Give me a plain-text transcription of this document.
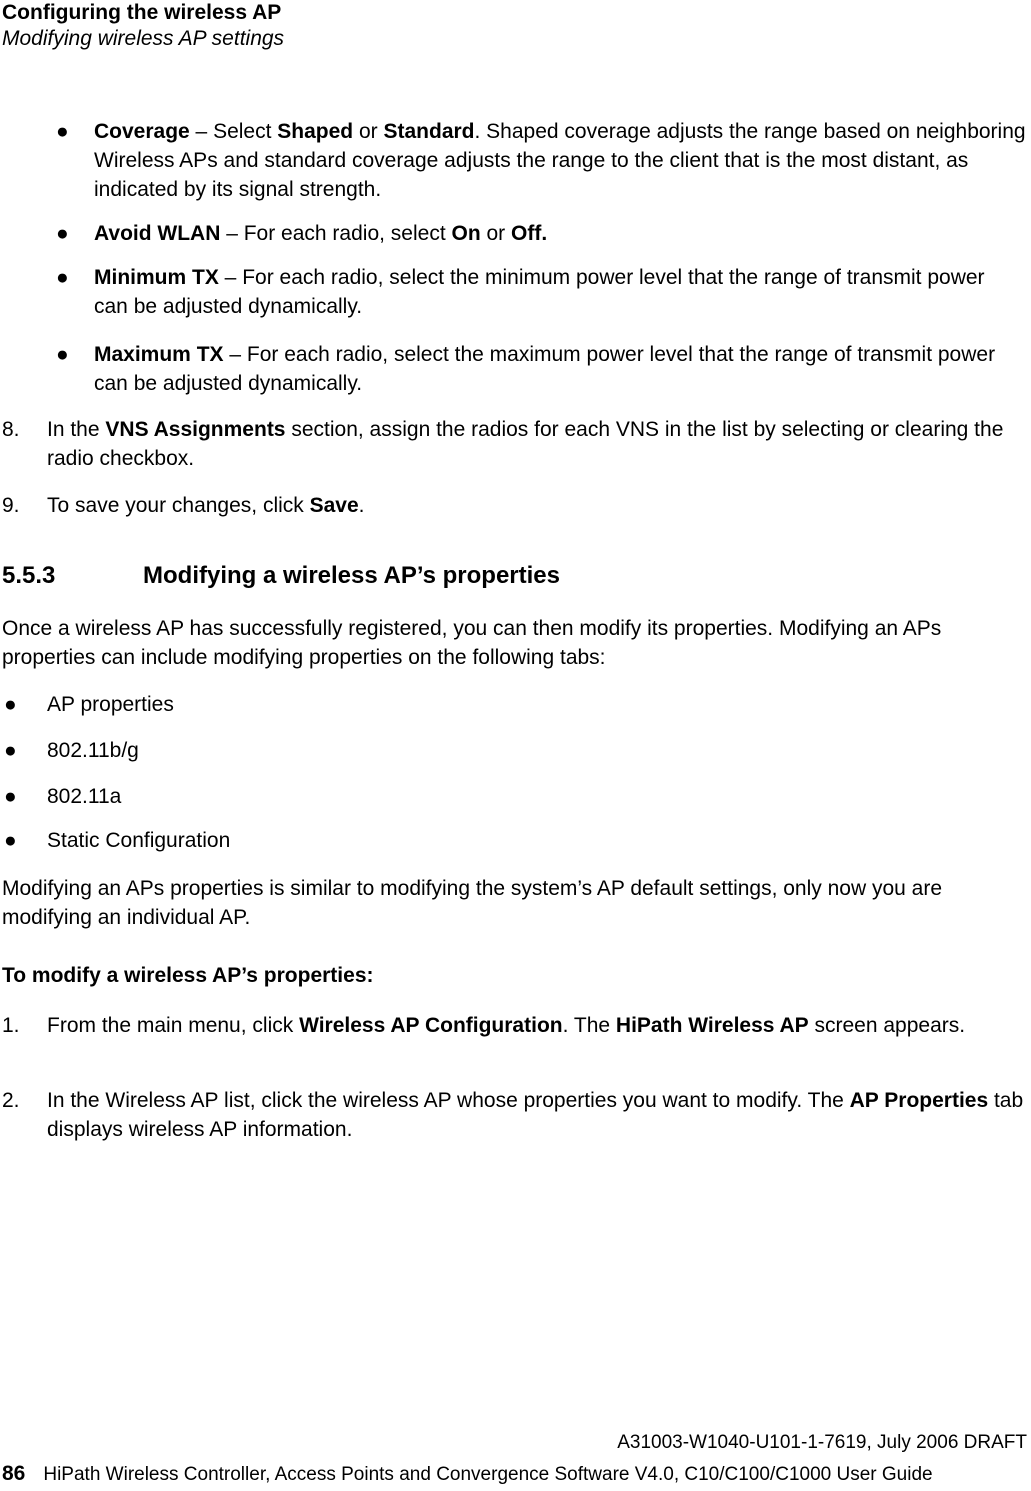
Configuring the wireless AP
Modifying wireless AP settings
● Coverage – Select Shaped or Standard. Shaped coverage adjusts the range based on neighboring Wireless APs and standard coverage adjusts the range to the client that is the most distant, as indicated by its signal strength.
● Avoid WLAN – For each radio, select On or Off.
● Minimum TX – For each radio, select the minimum power level that the range of transmit power can be adjusted dynamically.
● Maximum TX – For each radio, select the maximum power level that the range of transmit power can be adjusted dynamically.
8. In the VNS Assignments section, assign the radios for each VNS in the list by selecting or clearing the radio checkbox.
9. To save your changes, click Save.
5.5.3	Modifying a wireless AP’s properties
Once a wireless AP has successfully registered, you can then modify its properties. Modifying an APs properties can include modifying properties on the following tabs:
● AP properties
● 802.11b/g
● 802.11a
● Static Configuration
Modifying an APs properties is similar to modifying the system’s AP default settings, only now you are modifying an individual AP.
To modify a wireless AP’s properties:
1. From the main menu, click Wireless AP Configuration. The HiPath Wireless AP screen appears.
2. In the Wireless AP list, click the wireless AP whose properties you want to modify. The AP Properties tab displays wireless AP information.
A31003-W1040-U101-1-7619, July 2006 DRAFT
86 HiPath Wireless Controller, Access Points and Convergence Software V4.0, C10/C100/C1000 User Guide
